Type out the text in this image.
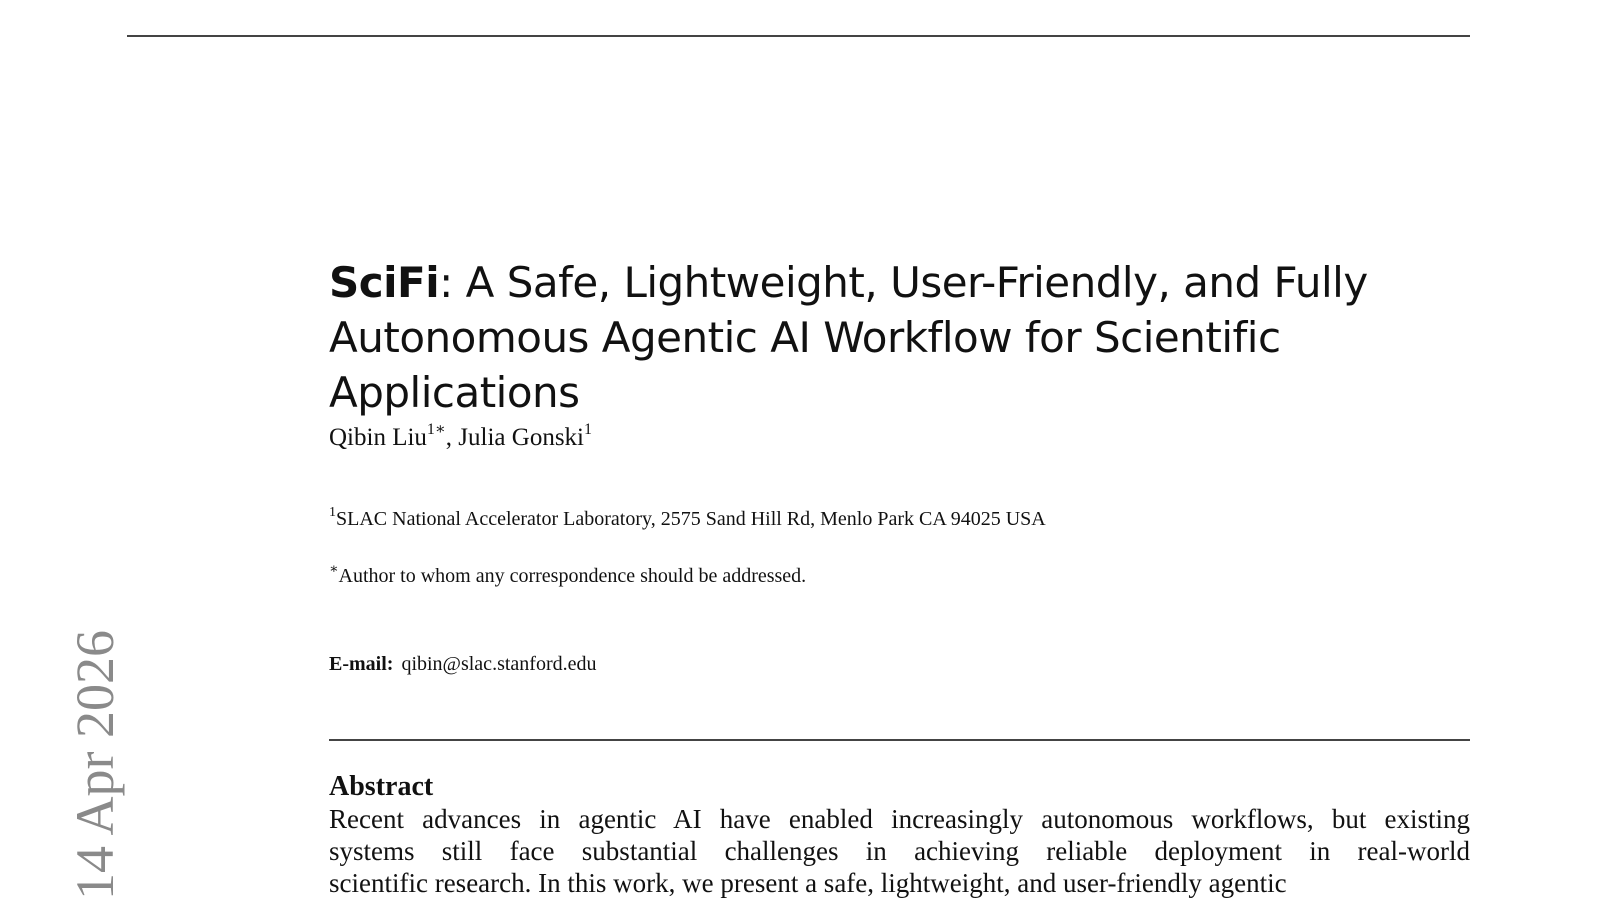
14 Apr 2026
SciFi: A Safe, Lightweight, User-Friendly, and Fully
Autonomous Agentic AI Workflow for Scientific Applications
Qibin Liu$^{1∗}$, Julia Gonski$^1$
$^1$SLAC National Accelerator Laboratory, 2575 Sand Hill Rd, Menlo Park CA 94025 USA
∗Author to whom any correspondence should be addressed.
E-mail: qibin@slac.stanford.edu
Abstract
Recent advances in agentic AI have enabled increasingly autonomous workflows, but existing
systems still face substantial challenges in achieving reliable deployment in real-world
scientific research. In this work, we present a safe, lightweight, and user-friendly agentic
